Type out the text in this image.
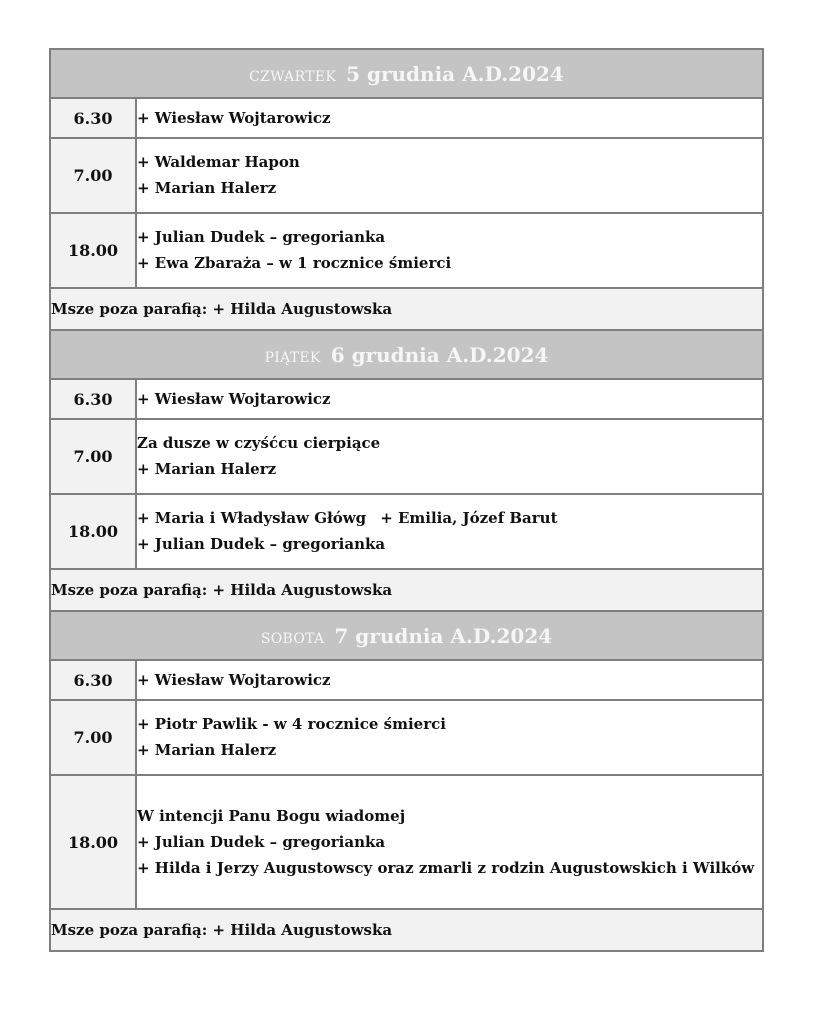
CZWARTEK 5 grudnia A.D.2024	
6.30	+ Wiesław Wojtarowicz

7.00	+ Waldemar Hapon
+ Marian Halerz

18.00	+ Julian Dudek – gregorianka
+ Ewa Zbarażа – w 1 rocznice śmierci

Msze poza parafią: + Hilda Augustowska	
PIĄTEK 6 grudnia A.D.2024	
6.30	+ Wiesław Wojtarowicz

7.00	Za dusze w czyśćcu cierpiące
+ Marian Halerz

18.00	+ Maria i Władysław Główg + Emilia, Józef Barut
+ Julian Dudek – gregorianka

Msze poza parafią: + Hilda Augustowska	
SOBOTA 7 grudnia A.D.2024	
6.30	+ Wiesław Wojtarowicz

7.00	+ Piotr Pawlik - w 4 rocznice śmierci
+ Marian Halerz

18.00	W intencji Panu Bogu wiadomej
+ Julian Dudek – gregorianka
+ Hilda i Jerzy Augustowscy oraz zmarli z rodzin Augustowskich i Wilków

Msze poza parafią: + Hilda Augustowska	
